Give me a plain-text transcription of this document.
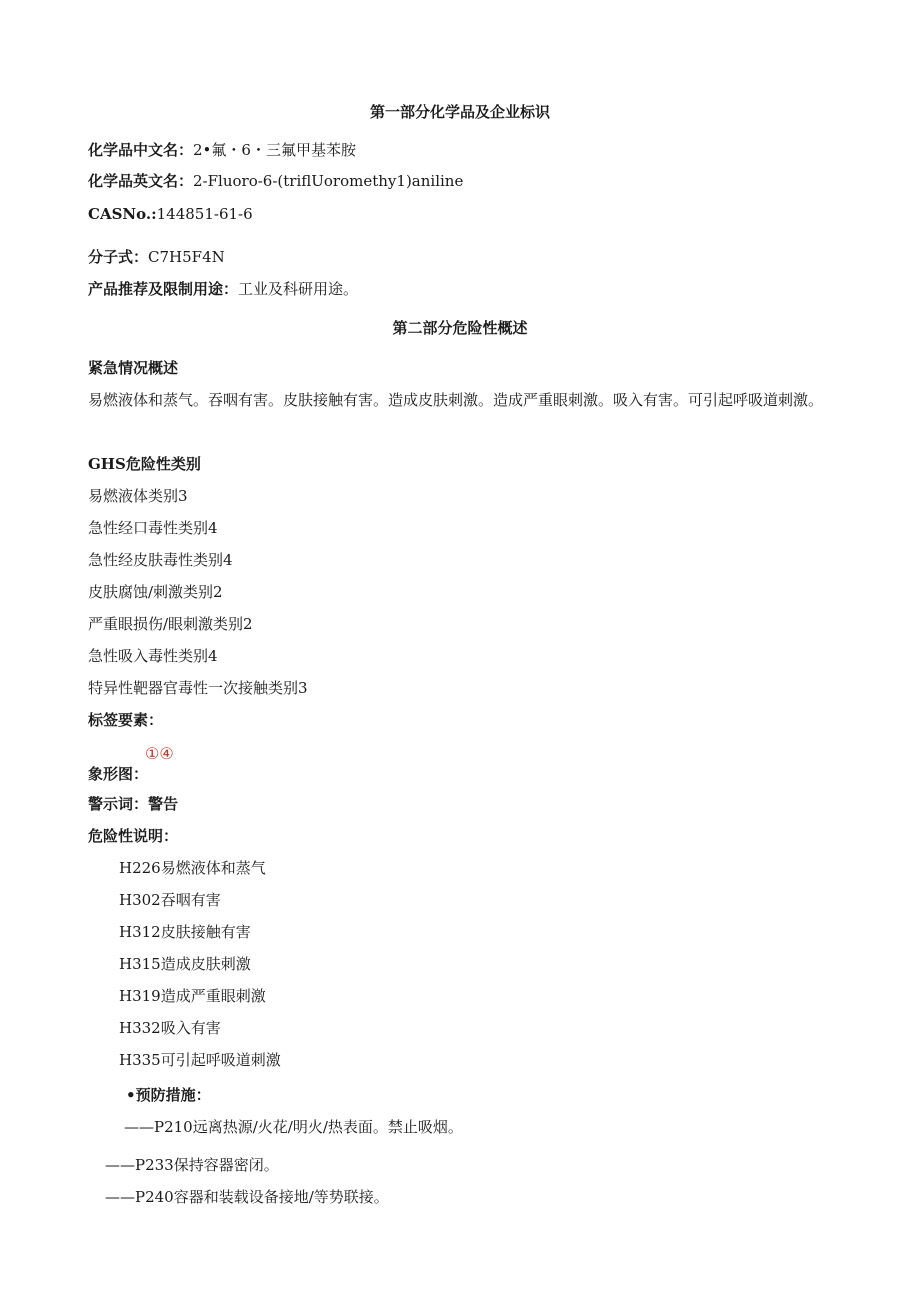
第一部分化学品及企业标识
化学品中文名：2•氟・6・三氟甲基苯胺
化学品英文名：2-Fluoro-6-(triflUoromethy1)aniline
CASNo.:144851-61-6
分子式：C7H5F4N
产品推荐及限制用途：工业及科研用途。
第二部分危险性概述
紧急情况概述
易燃液体和蒸气。吞咽有害。皮肤接触有害。造成皮肤刺激。造成严重眼刺激。吸入有害。可引起呼吸道刺激。
GHS危险性类别
易燃液体类别3
急性经口毒性类别4
急性经皮肤毒性类别4
皮肤腐蚀/刺激类别2
严重眼损伤/眼刺激类别2
急性吸入毒性类别4
特异性靶器官毒性一次接触类别3
标签要素：
①④
象形图：
警示词：警告
危险性说明：
H226易燃液体和蒸气
H302吞咽有害
H312皮肤接触有害
H315造成皮肤刺激
H319造成严重眼刺激
H332吸入有害
H335可引起呼吸道刺激
•预防措施：
——P210远离热源/火花/明火/热表面。禁止吸烟。
——P233保持容器密闭。
——P240容器和装载设备接地/等势联接。
